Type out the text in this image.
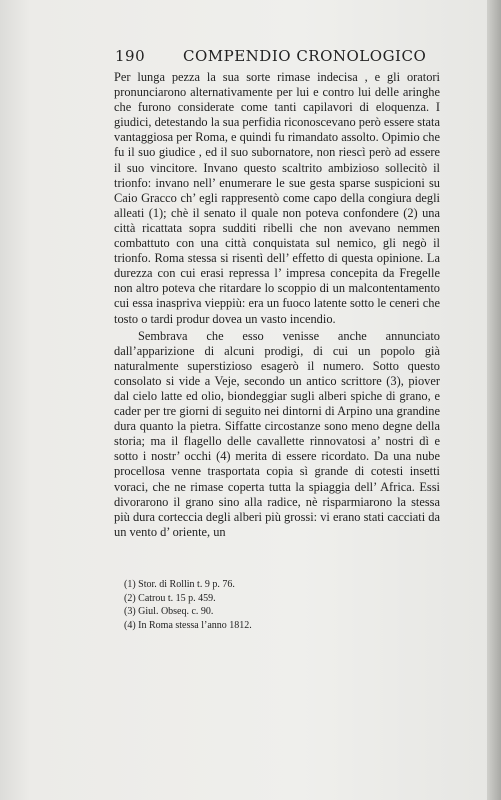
190	COMPENDIO CRONOLOGICO

Per lunga pezza la sua sorte rimase indecisa , e gli oratori pronunciarono alternativamente per lui e contro lui delle aringhe che furono considerate come tanti capilavori di eloquenza. I giudici, detestando la sua perfidia riconoscevano però essere stata vantaggiosa per Roma, e quindi fu rimandato assolto. Opimio che fu il suo giudice , ed il suo subornatore, non riescì però ad essere il suo vincitore. Invano questo scaltrito ambizioso sollecitò il trionfo: invano nell’ enumerare le sue gesta sparse suspicioni su Caio Gracco ch’ egli rappresentò come capo della congiura degli alleati (1); chè il senato il quale non poteva confondere (2) una città ricattata sopra sudditi ribelli che non avevano nemmen combattuto con una città conquistata sul nemico, gli negò il trionfo. Roma stessa si risentì dell’ effetto di questa opinione. La durezza con cui erasi repressa l’ impresa concepita da Fregelle non altro poteva che ritardare lo scoppio di un malcontentamento cui essa inaspriva vieppiù: era un fuoco latente sotto le ceneri che tosto o tardi produr dovea un vasto incendio.

Sembrava che esso venisse anche annunciato dall’apparizione di alcuni prodigi, di cui un popolo già naturalmente superstizioso esagerò il numero. Sotto questo consolato si vide a Veje, secondo un antico scrittore (3), piover dal cielo latte ed olio, biondeggiar sugli alberi spiche di grano, e cader per tre giorni di seguito nei dintorni di Arpino una grandine dura quanto la pietra. Siffatte circostanze sono meno degne della storia; ma il flagello delle cavallette rinnovatosi a’ nostri dì e sotto i nostr’ occhi (4) merita di essere ricordato. Da una nube procellosa venne trasportata copia sì grande di cotesti insetti voraci, che ne rimase coperta tutta la spiaggia dell’ Africa. Essi divorarono il grano sino alla radice, nè risparmiarono la stessa più dura corteccia degli alberi più grossi: vi erano stati cacciati da un vento d’ oriente, un

(1) Stor. di Rollin t. 9 p. 76.
(2) Catrou t. 15 p. 459.
(3) Giul. Obseq. c. 90.
(4) In Roma stessa l’anno 1812.
